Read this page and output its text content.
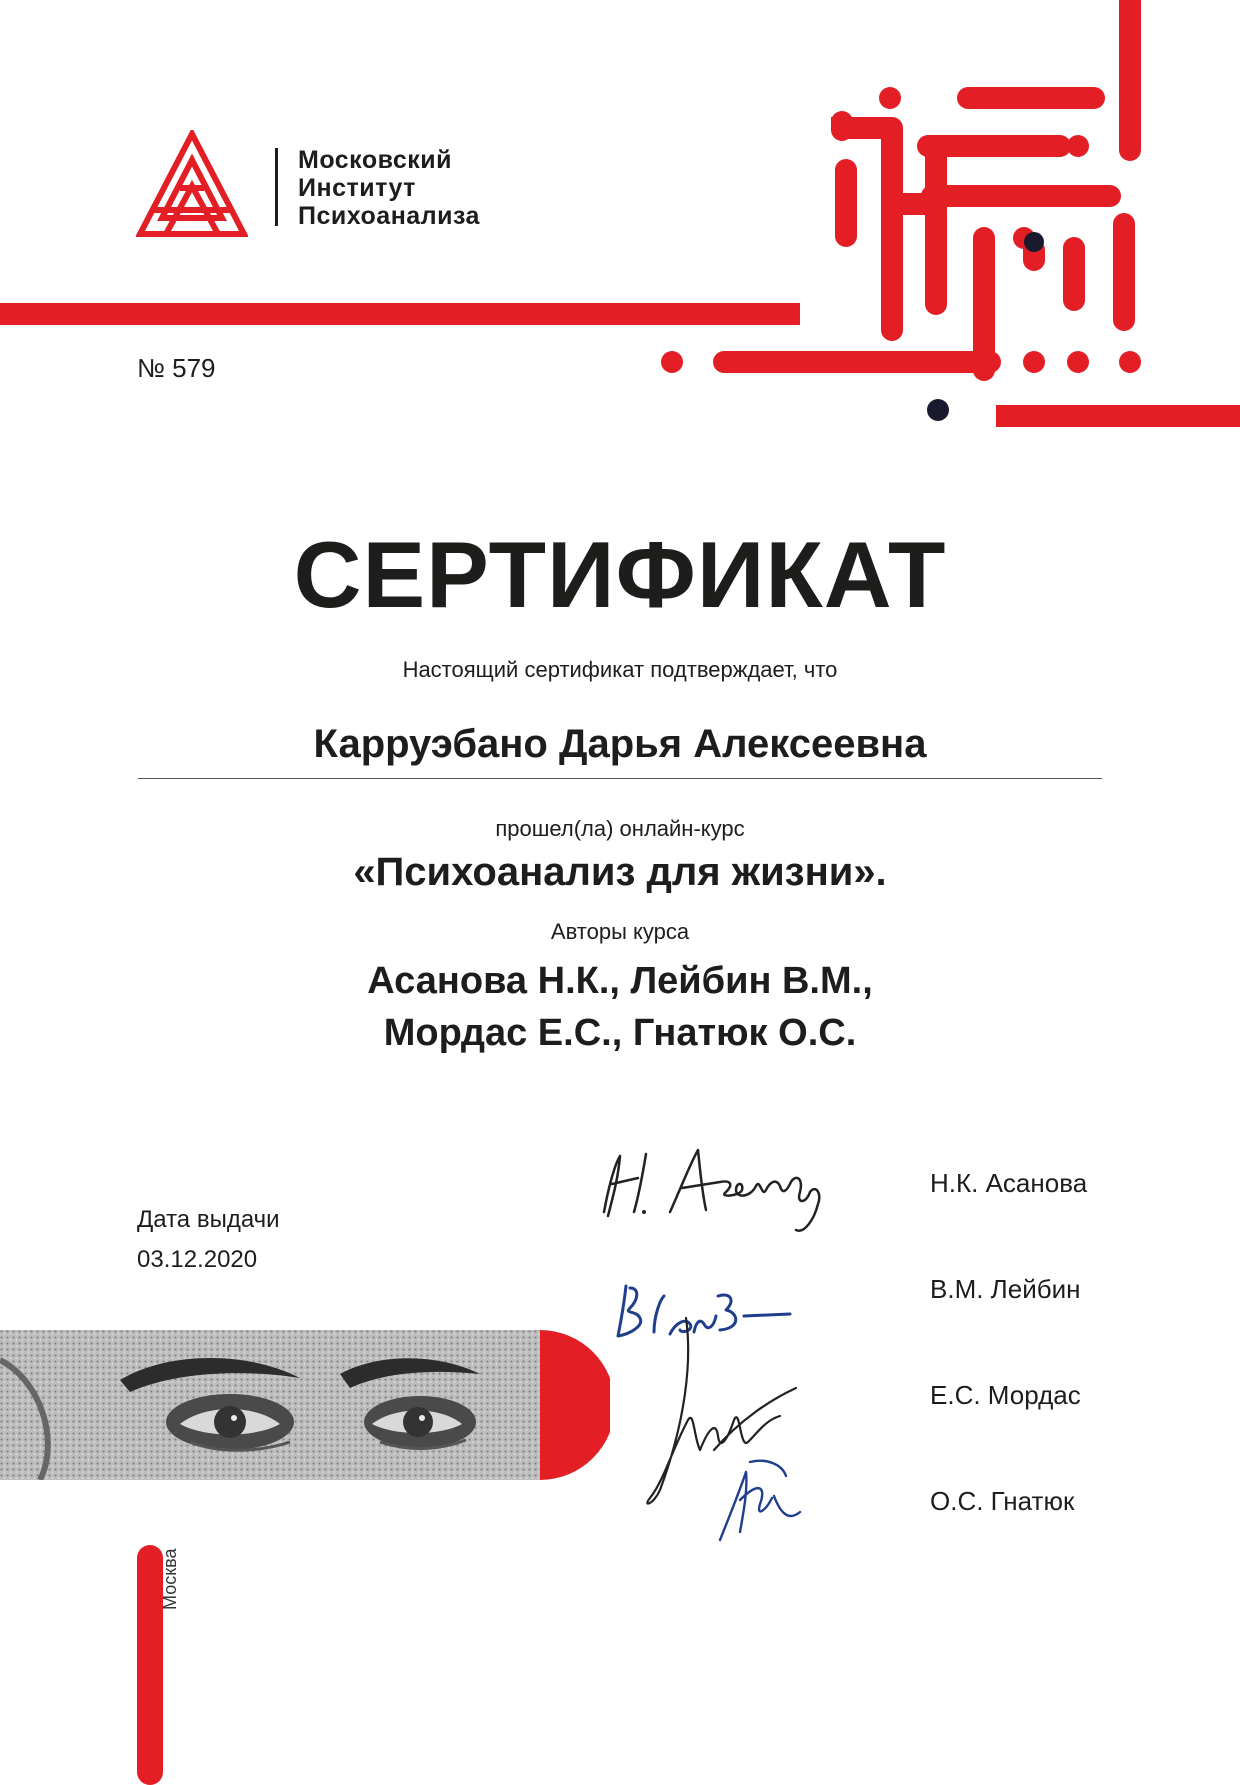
Московский
Институт
Психоанализа
№ 579
СЕРТИФИКАТ
Настоящий сертификат подтверждает, что
Карруэбано Дарья Алексеевна
прошел(ла) онлайн-курс
«Психоанализ для жизни».
Авторы курса
Асанова Н.К., Лейбин В.М.,
Мордас Е.С., Гнатюк О.С.
Дата выдачи
03.12.2020
Н.К. Асанова
В.М. Лейбин
Е.С. Мордас
О.С. Гнатюк
Москва
